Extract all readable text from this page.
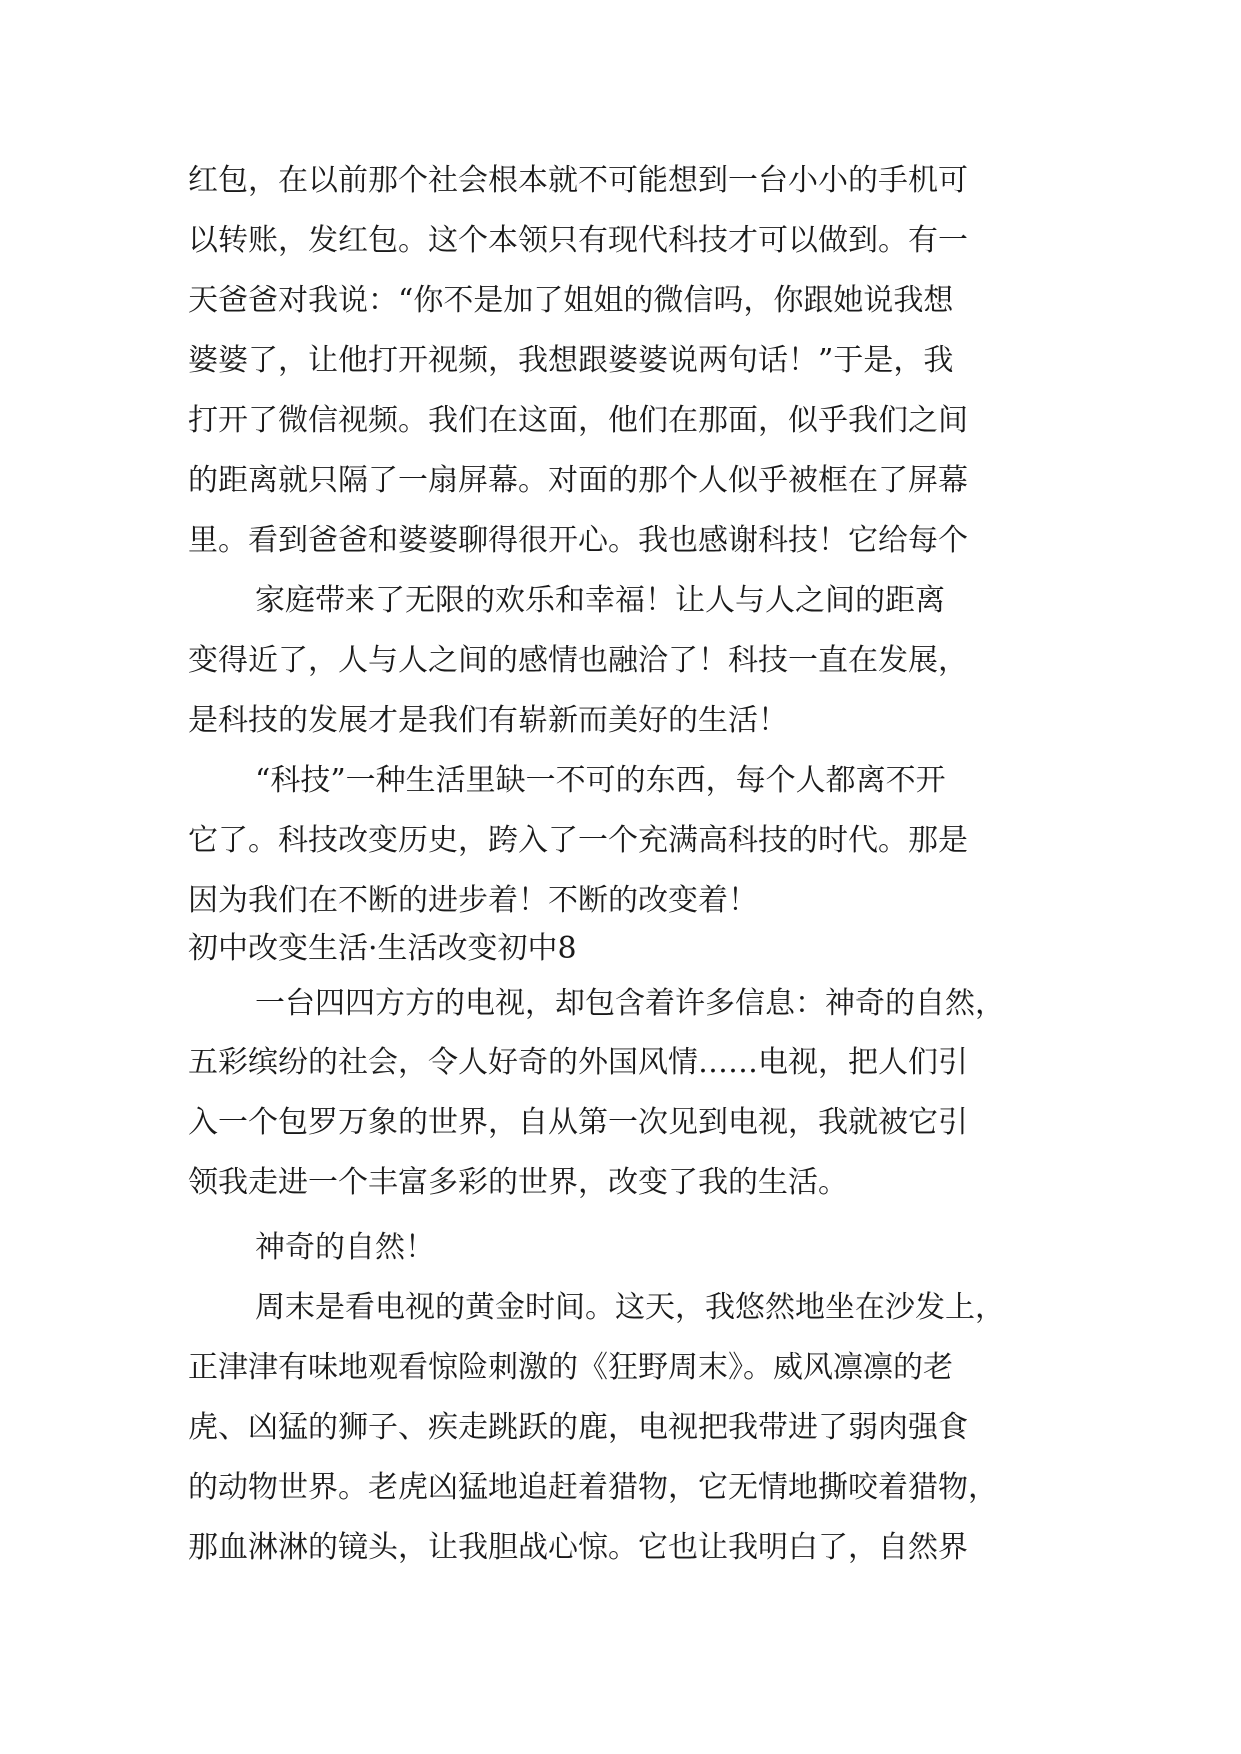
红包，在以前那个社会根本就不可能想到一台小小的手机可
以转账，发红包。这个本领只有现代科技才可以做到。有一
天爸爸对我说：“你不是加了姐姐的微信吗，你跟她说我想
婆婆了，让他打开视频，我想跟婆婆说两句话！”于是，我
打开了微信视频。我们在这面，他们在那面，似乎我们之间
的距离就只隔了一扇屏幕。对面的那个人似乎被框在了屏幕
里。看到爸爸和婆婆聊得很开心。我也感谢科技！它给每个
家庭带来了无限的欢乐和幸福！让人与人之间的距离
变得近了，人与人之间的感情也融洽了！科技一直在发展，
是科技的发展才是我们有崭新而美好的生活！
“科技”一种生活里缺一不可的东西，每个人都离不开
它了。科技改变历史，跨入了一个充满高科技的时代。那是
因为我们在不断的进步着！不断的改变着！
初中改变生活·生活改变初中8
一台四四方方的电视，却包含着许多信息：神奇的自然，
五彩缤纷的社会，令人好奇的外国风情……电视，把人们引
入一个包罗万象的世界，自从第一次见到电视，我就被它引
领我走进一个丰富多彩的世界，改变了我的生活。
神奇的自然！
周末是看电视的黄金时间。这天，我悠然地坐在沙发上，
正津津有味地观看惊险刺激的《狂野周末》。威风凛凛的老
虎、凶猛的狮子、疾走跳跃的鹿，电视把我带进了弱肉强食
的动物世界。老虎凶猛地追赶着猎物，它无情地撕咬着猎物，
那血淋淋的镜头，让我胆战心惊。它也让我明白了，自然界
